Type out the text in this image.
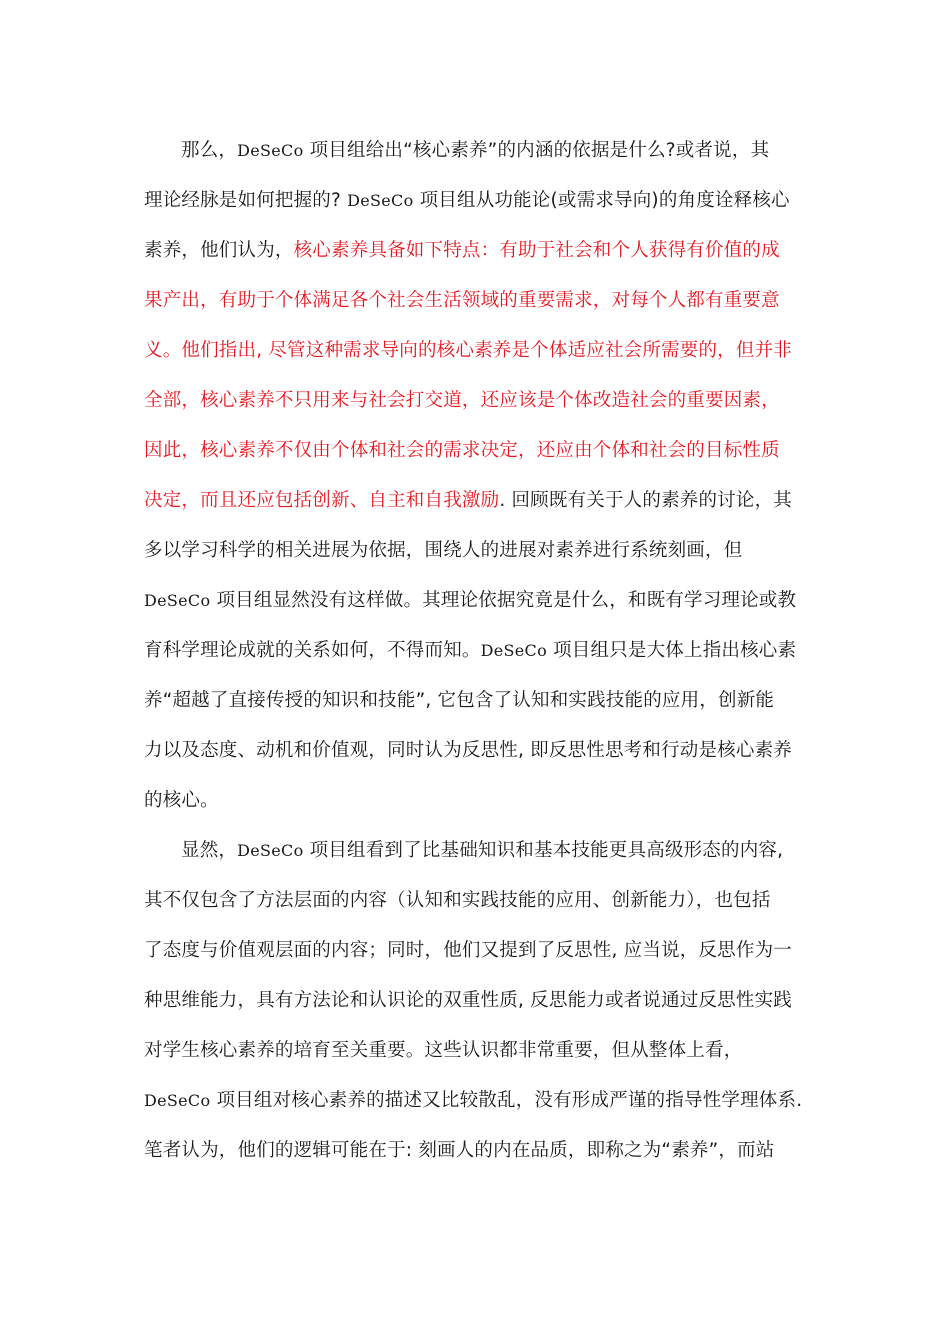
那么，DeSeCo 项目组给出“核心素养”的内涵的依据是什么?或者说，其
理论经脉是如何把握的? DeSeCo 项目组从功能论(或需求导向)的角度诠释核心
素养，他们认为，核心素养具备如下特点：有助于社会和个人获得有价值的成
果产出，有助于个体满足各个社会生活领域的重要需求，对每个人都有重要意
义。他们指出, 尽管这种需求导向的核心素养是个体适应社会所需要的，但并非
全部，核心素养不只用来与社会打交道，还应该是个体改造社会的重要因素，
因此，核心素养不仅由个体和社会的需求决定，还应由个体和社会的目标性质
决定，而且还应包括创新、自主和自我激励. 回顾既有关于人的素养的讨论，其
多以学习科学的相关进展为依据，围绕人的进展对素养进行系统刻画，但
DeSeCo 项目组显然没有这样做。其理论依据究竟是什么，和既有学习理论或教
育科学理论成就的关系如何，不得而知。DeSeCo 项目组只是大体上指出核心素
养“超越了直接传授的知识和技能”, 它包含了认知和实践技能的应用，创新能
力以及态度、动机和价值观，同时认为反思性, 即反思性思考和行动是核心素养
的核心。
显然，DeSeCo 项目组看到了比基础知识和基本技能更具高级形态的内容,
其不仅包含了方法层面的内容（认知和实践技能的应用、创新能力），也包括
了态度与价值观层面的内容；同时，他们又提到了反思性, 应当说，反思作为一
种思维能力，具有方法论和认识论的双重性质, 反思能力或者说通过反思性实践
对学生核心素养的培育至关重要。这些认识都非常重要，但从整体上看，
DeSeCo 项目组对核心素养的描述又比较散乱，没有形成严谨的指导性学理体系.
笔者认为，他们的逻辑可能在于: 刻画人的内在品质，即称之为“素养”，而站
